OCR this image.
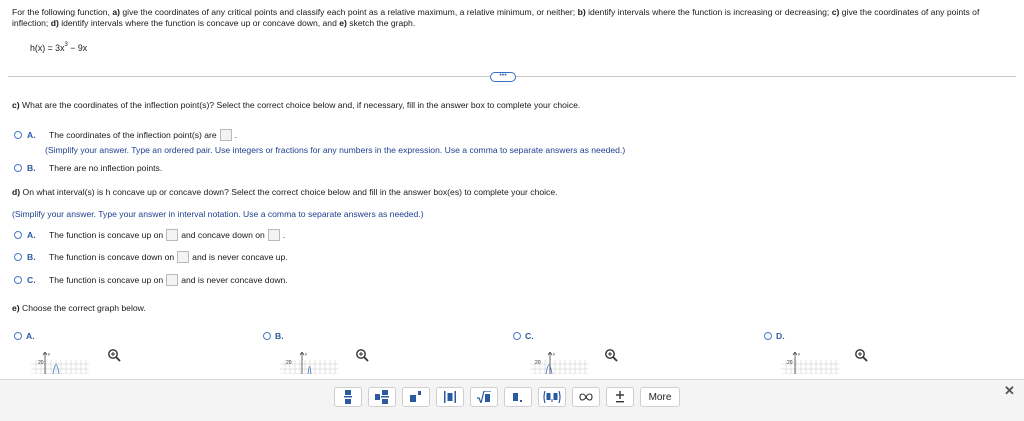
For the following function, a) give the coordinates of any critical points and classify each point as a relative maximum, a relative minimum, or neither; b) identify intervals where the function is increasing or decreasing; c) give the coordinates of any points of inflection; d) identify intervals where the function is concave up or concave down, and e) sketch the graph.
$h(x) = 3x^3 - 9x$
•••
c) What are the coordinates of the inflection point(s)? Select the correct choice below and, if necessary, fill in the answer box to complete your choice.
A.	The coordinates of the inflection point(s) are .
(Simplify your answer. Type an ordered pair. Use integers or fractions for any numbers in the expression. Use a comma to separate answers as needed.)
B.	There are no inflection points.
d) On what interval(s) is h concave up or concave down? Select the correct choice below and fill in the answer box(es) to complete your choice.
(Simplify your answer. Type your answer in interval notation. Use a comma to separate answers as needed.)
A.	The function is concave up on and concave down on .
B.	The function is concave down on and is never concave up.
C.	The function is concave up on and is never concave down.
e) Choose the correct graph below.
A.	B.	C.	D.
y
20
y
20
y
20
y
20
More	✕
